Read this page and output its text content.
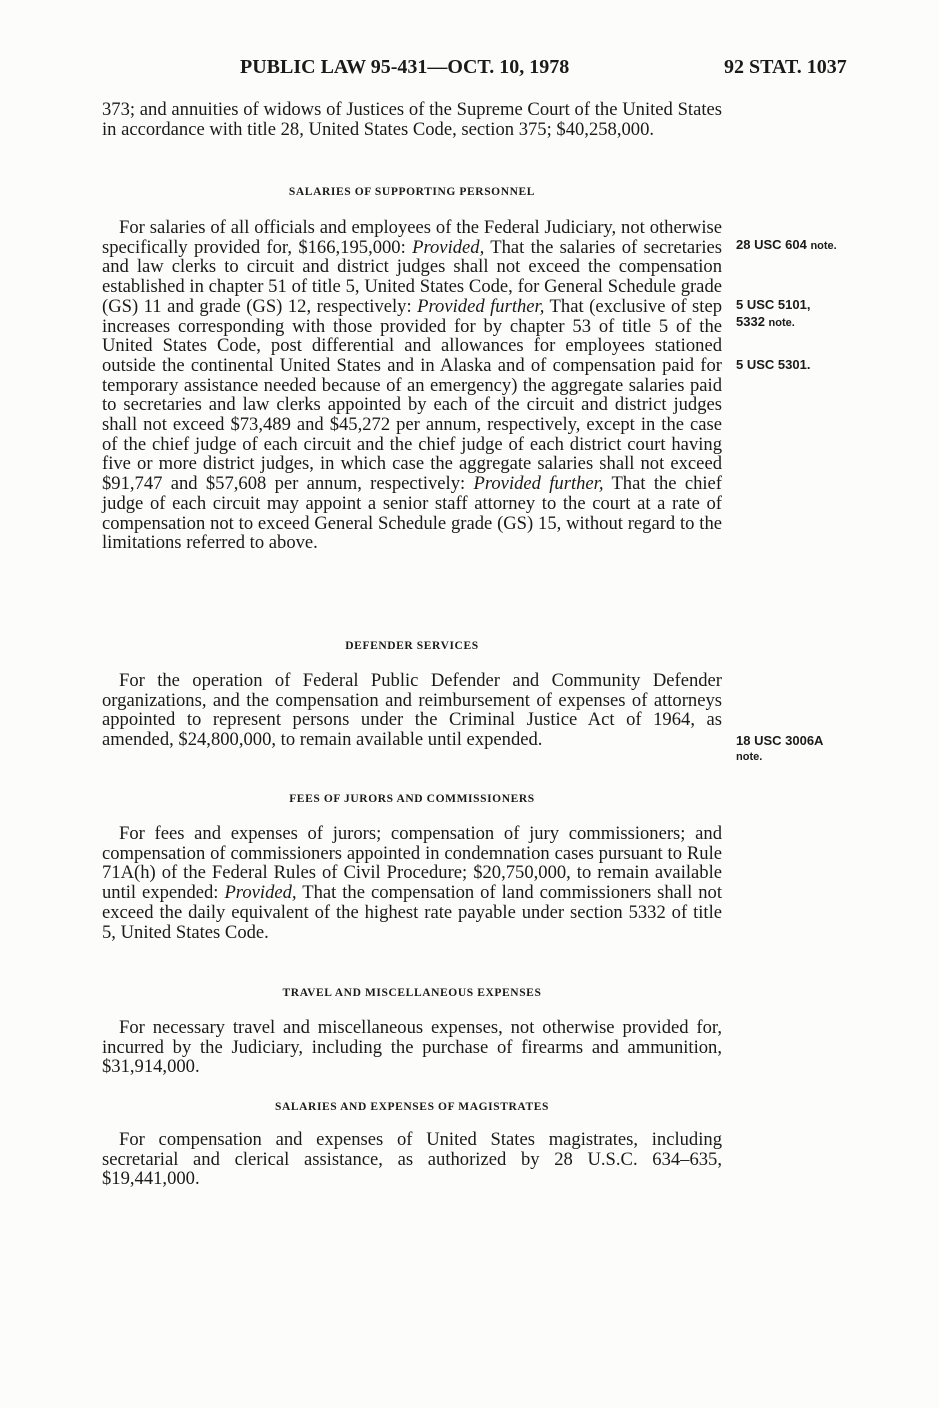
PUBLIC LAW 95-431—OCT. 10, 1978	92 STAT. 1037

373; and annuities of widows of Justices of the Supreme Court of the United States in accordance with title 28, United States Code, section 375; $40,258,000.

SALARIES OF SUPPORTING PERSONNEL

For salaries of all officials and employees of the Federal Judiciary, not otherwise specifically provided for, $166,195,000: Provided, That the salaries of secretaries and law clerks to circuit and district judges shall not exceed the compensation established in chapter 51 of title 5, United States Code, for General Schedule grade (GS) 11 and grade (GS) 12, respectively: Provided further, That (exclusive of step increases corresponding with those provided for by chapter 53 of title 5 of the United States Code, post differential and allowances for employees stationed outside the continental United States and in Alaska and of compensation paid for temporary assistance needed because of an emergency) the aggregate salaries paid to secretaries and law clerks appointed by each of the circuit and district judges shall not exceed $73,489 and $45,272 per annum, respectively, except in the case of the chief judge of each circuit and the chief judge of each district court having five or more district judges, in which case the aggregate salaries shall not exceed $91,747 and $57,608 per annum, respectively: Provided further, That the chief judge of each circuit may appoint a senior staff attorney to the court at a rate of compensation not to exceed General Schedule grade (GS) 15, without regard to the limitations referred to above.

DEFENDER SERVICES

For the operation of Federal Public Defender and Community Defender organizations, and the compensation and reimbursement of expenses of attorneys appointed to represent persons under the Criminal Justice Act of 1964, as amended, $24,800,000, to remain available until expended.

FEES OF JURORS AND COMMISSIONERS

For fees and expenses of jurors; compensation of jury commissioners; and compensation of commissioners appointed in condemnation cases pursuant to Rule 71A(h) of the Federal Rules of Civil Procedure; $20,750,000, to remain available until expended: Provided, That the compensation of land commissioners shall not exceed the daily equivalent of the highest rate payable under section 5332 of title 5, United States Code.

TRAVEL AND MISCELLANEOUS EXPENSES

For necessary travel and miscellaneous expenses, not otherwise provided for, incurred by the Judiciary, including the purchase of firearms and ammunition, $31,914,000.

SALARIES AND EXPENSES OF MAGISTRATES

For compensation and expenses of United States magistrates, including secretarial and clerical assistance, as authorized by 28 U.S.C. 634–635, $19,441,000.

28 USC 604 note.
5 USC 5101,
5332 note.
5 USC 5301.
18 USC 3006A
note.
